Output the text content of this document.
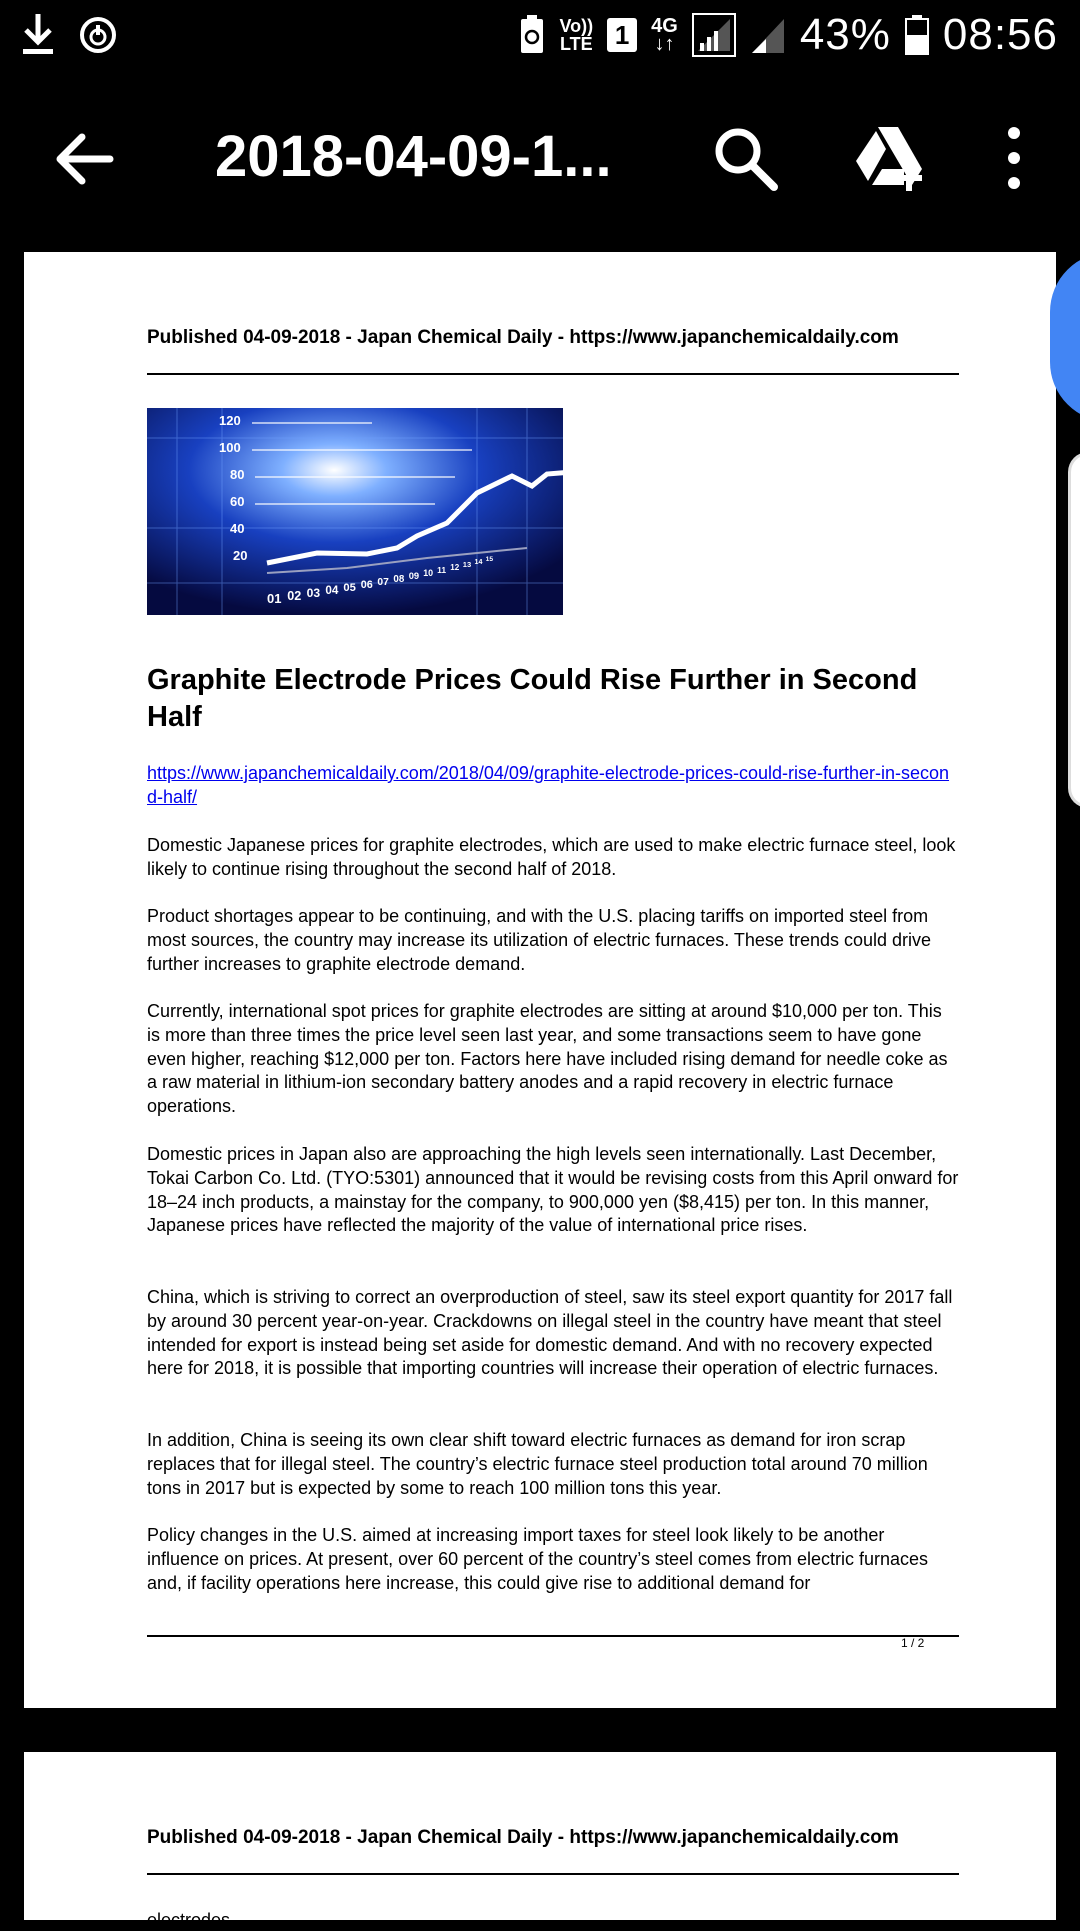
Vo))
LTE 1	4G
↓↑	43% 08:56
2018-04-09-1...
Published 04-09-2018 - Japan Chemical Daily - https://www.japanchemicaldaily.com
120
100
80
60
40
20
01 02 03 04 05 06 07 08 09 10 11 12 13 14 15
Graphite Electrode Prices Could Rise Further in Second Half
https://www.japanchemicaldaily.com/2018/04/09/graphite-electrode-prices-could-rise-further-in-second-half/

Domestic Japanese prices for graphite electrodes, which are used to make electric furnace steel, look likely to continue rising throughout the second half of 2018.

Product shortages appear to be continuing, and with the U.S. placing tariffs on imported steel from most sources, the country may increase its utilization of electric furnaces. These trends could drive further increases to graphite electrode demand.

Currently, international spot prices for graphite electrodes are sitting at around $10,000 per ton. This is more than three times the price level seen last year, and some transactions seem to have gone even higher, reaching $12,000 per ton. Factors here have included rising demand for needle coke as a raw material in lithium-ion secondary battery anodes and a rapid recovery in electric furnace operations.

Domestic prices in Japan also are approaching the high levels seen internationally. Last December, Tokai Carbon Co. Ltd. (TYO:5301) announced that it would be revising costs from this April onward for 18–24 inch products, a mainstay for the company, to 900,000 yen ($8,415) per ton. In this manner, Japanese prices have reflected the majority of the value of international price rises.

China, which is striving to correct an overproduction of steel, saw its steel export quantity for 2017 fall by around 30 percent year-on-year. Crackdowns on illegal steel in the country have meant that steel intended for export is instead being set aside for domestic demand. And with no recovery expected here for 2018, it is possible that importing countries will increase their operation of electric furnaces.

In addition, China is seeing its own clear shift toward electric furnaces as demand for iron scrap replaces that for illegal steel. The country’s electric furnace steel production total around 70 million tons in 2017 but is expected by some to reach 100 million tons this year.

Policy changes in the U.S. aimed at increasing import taxes for steel look likely to be another influence on prices. At present, over 60 percent of the country’s steel comes from electric furnaces and, if facility operations here increase, this could give rise to additional demand for

1 / 2
Published 04-09-2018 - Japan Chemical Daily - https://www.japanchemicaldaily.com
electrodes
